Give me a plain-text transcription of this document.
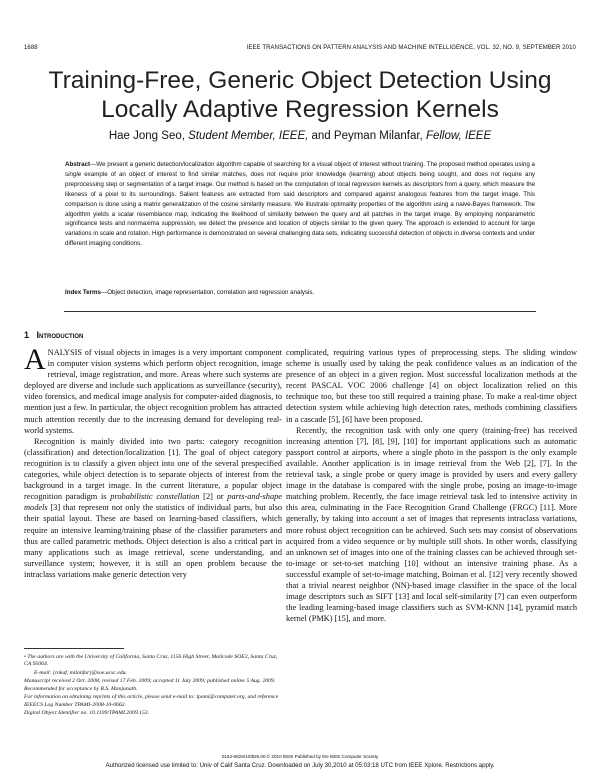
1688	IEEE TRANSACTIONS ON PATTERN ANALYSIS AND MACHINE INTELLIGENCE, VOL. 32, NO. 9, SEPTEMBER 2010
Training-Free, Generic Object Detection Using
Locally Adaptive Regression Kernels
Hae Jong Seo, Student Member, IEEE, and Peyman Milanfar, Fellow, IEEE
Abstract—We present a generic detection/localization algorithm capable of searching for a visual object of interest without training. The proposed method operates using a single example of an object of interest to find similar matches, does not require prior knowledge (learning) about objects being sought, and does not require any preprocessing step or segmentation of a target image. Our method is based on the computation of local regression kernels as descriptors from a query, which measure the likeness of a pixel to its surroundings. Salient features are extracted from said descriptors and compared against analogous features from the target image. This comparison is done using a matrix generalization of the cosine similarity measure. We illustrate optimality properties of the algorithm using a naive-Bayes framework. The algorithm yields a scalar resemblance map, indicating the likelihood of similarity between the query and all patches in the target image. By employing nonparametric significance tests and nonmaxima suppression, we detect the presence and location of objects similar to the given query. The approach is extended to account for large variations in scale and rotation. High performance is demonstrated on several challenging data sets, indicating successful detection of objects in diverse contexts and under different imaging conditions.
Index Terms—Object detection, image representation, correlation and regression analysis.
1 Introduction

ANALYSIS of visual objects in images is a very important component in computer vision systems which perform object recognition, image retrieval, image registration, and more. Areas where such systems are deployed are diverse and include such applications as surveillance (security), video forensics, and medical image analysis for computer-aided diagnosis, to mention just a few. In particular, the object recognition problem has attracted much attention recently due to the increasing demand for developing real-world systems.

Recognition is mainly divided into two parts: category recognition (classification) and detection/localization [1]. The goal of object category recognition is to classify a given object into one of the several prespecified categories, while object detection is to separate objects of interest from the background in a target image. In the current literature, a popular object recognition paradigm is probabilistic constellation [2] or parts-and-shape models [3] that represent not only the statistics of individual parts, but also their spatial layout. These are based on learning-based classifiers, which require an intensive learning/training phase of the classifier parameters and thus are called parametric methods. Object detection is also a critical part in many applications such as image retrieval, scene understanding, and surveillance system; however, it is still an open problem because the intraclass variations make generic detection very

• The authors are with the University of California, Santa Cruz, 1156 High Street, Mailcode SOE2, Santa Cruz, CA 95064.

E-mail: {rokaf, milanfar}@soe.ucsc.edu.

Manuscript received 2 Oct. 2008; revised 17 Feb. 2009; accepted 11 July 2009; published online 5 Aug. 2009.

Recommended for acceptance by B.S. Manjunath.

For information on obtaining reprints of this article, please send e-mail to: tpami@computer.org, and reference IEEECS Log Number TPAMI-2008-10-0662.

Digital Object Identifier no. 10.1109/TPAMI.2009.153.

complicated, requiring various types of preprocessing steps. The sliding window scheme is usually used by taking the peak confidence values as an indication of the presence of an object in a given region. Most successful localization methods at the recent PASCAL VOC 2006 challenge [4] on object localization relied on this technique too, but these too still required a training phase. To make a real-time object detection system while achieving high detection rates, methods combining classifiers in a cascade [5], [6] have been proposed.

Recently, the recognition task with only one query (training-free) has received increasing attention [7], [8], [9], [10] for important applications such as automatic passport control at airports, where a single photo in the passport is the only example available. Another application is in image retrieval from the Web [2], [7]. In the retrieval task, a single probe or query image is provided by users and every gallery image in the database is compared with the single probe, posing an image-to-image matching problem. Recently, the face image retrieval task led to intensive activity in this area, culminating in the Face Recognition Grand Challenge (FRGC) [11]. More generally, by taking into account a set of images that represents intraclass variations, more robust object recognition can be achieved. Such sets may consist of observations acquired from a video sequence or by multiple still shots. In other words, classifying an unknown set of images into one of the training classes can be achieved through set-to-image or set-to-set matching [10] without an intensive training phase. As a successful example of set-to-image matching, Boiman et al. [12] very recently showed that a trivial nearest neighbor (NN)-based image classifier in the space of the local image descriptors such as SIFT [13] and local self-similarity [7] can even outperform the leading learning-based image classifiers such as SVM-KNN [14], pyramid match kernel (PMK) [15], and more.

0162-8828/10/$26.00 © 2010 IEEE Published by the IEEE Computer Society
Authorized licensed use limited to: Univ of Calif Santa Cruz. Downloaded on July 30,2010 at 05:03:18 UTC from IEEE Xplore. Restrictions apply.
